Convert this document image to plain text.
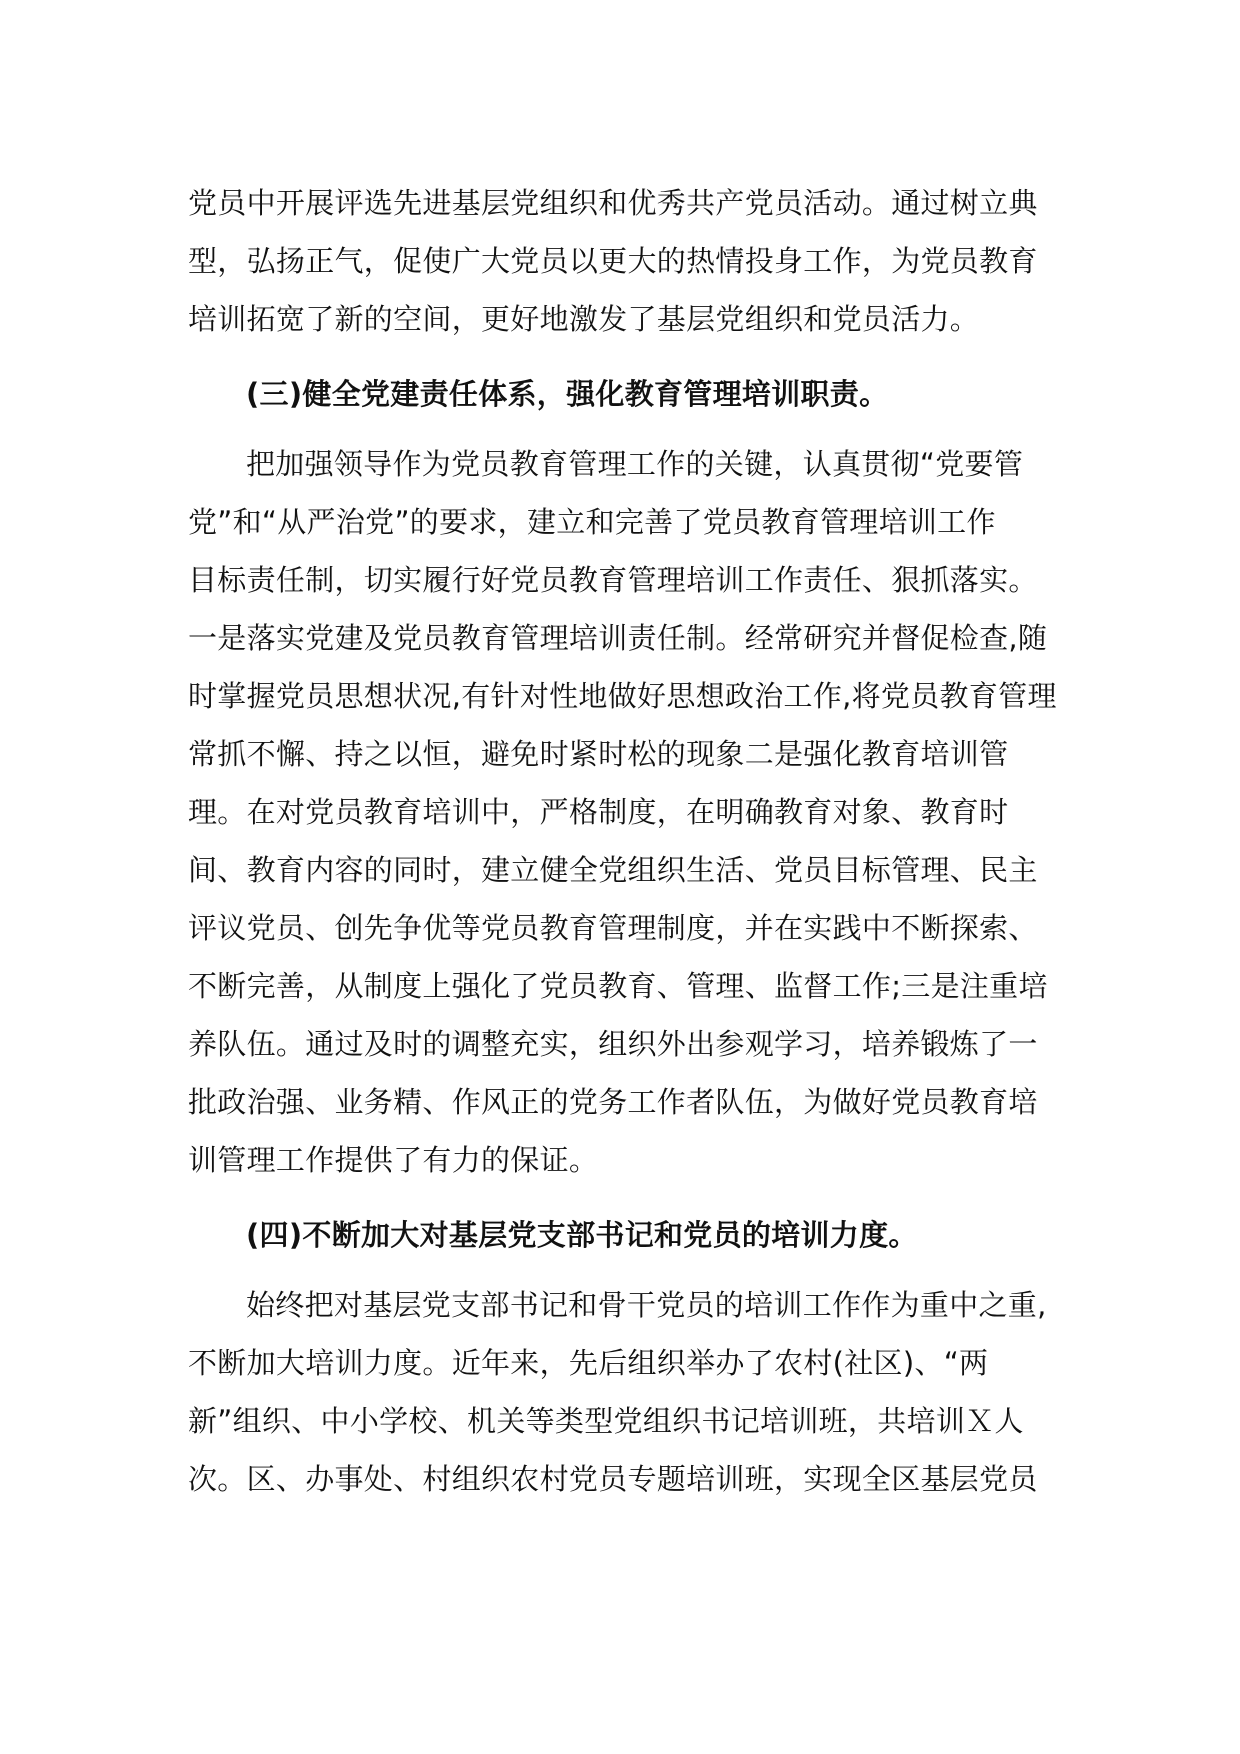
党员中开展评选先进基层党组织和优秀共产党员活动。通过树立典
型，弘扬正气，促使广大党员以更大的热情投身工作，为党员教育
培训拓宽了新的空间，更好地激发了基层党组织和党员活力。
(三)健全党建责任体系，强化教育管理培训职责。
把加强领导作为党员教育管理工作的关键，认真贯彻“党要管
党”和“从严治党”的要求，建立和完善了党员教育管理培训工作
目标责任制，切实履行好党员教育管理培训工作责任、狠抓落实。
一是落实党建及党员教育管理培训责任制。经常研究并督促检查,随
时掌握党员思想状况,有针对性地做好思想政治工作,将党员教育管理
常抓不懈、持之以恒，避免时紧时松的现象二是强化教育培训管
理。在对党员教育培训中，严格制度，在明确教育对象、教育时
间、教育内容的同时，建立健全党组织生活、党员目标管理、民主
评议党员、创先争优等党员教育管理制度，并在实践中不断探索、
不断完善，从制度上强化了党员教育、管理、监督工作;三是注重培
养队伍。通过及时的调整充实，组织外出参观学习，培养锻炼了一
批政治强、业务精、作风正的党务工作者队伍，为做好党员教育培
训管理工作提供了有力的保证。
(四)不断加大对基层党支部书记和党员的培训力度。
始终把对基层党支部书记和骨干党员的培训工作作为重中之重,
不断加大培训力度。近年来，先后组织举办了农村(社区)、“两
新”组织、中小学校、机关等类型党组织书记培训班，共培训Ｘ人
次。区、办事处、村组织农村党员专题培训班，实现全区基层党员
